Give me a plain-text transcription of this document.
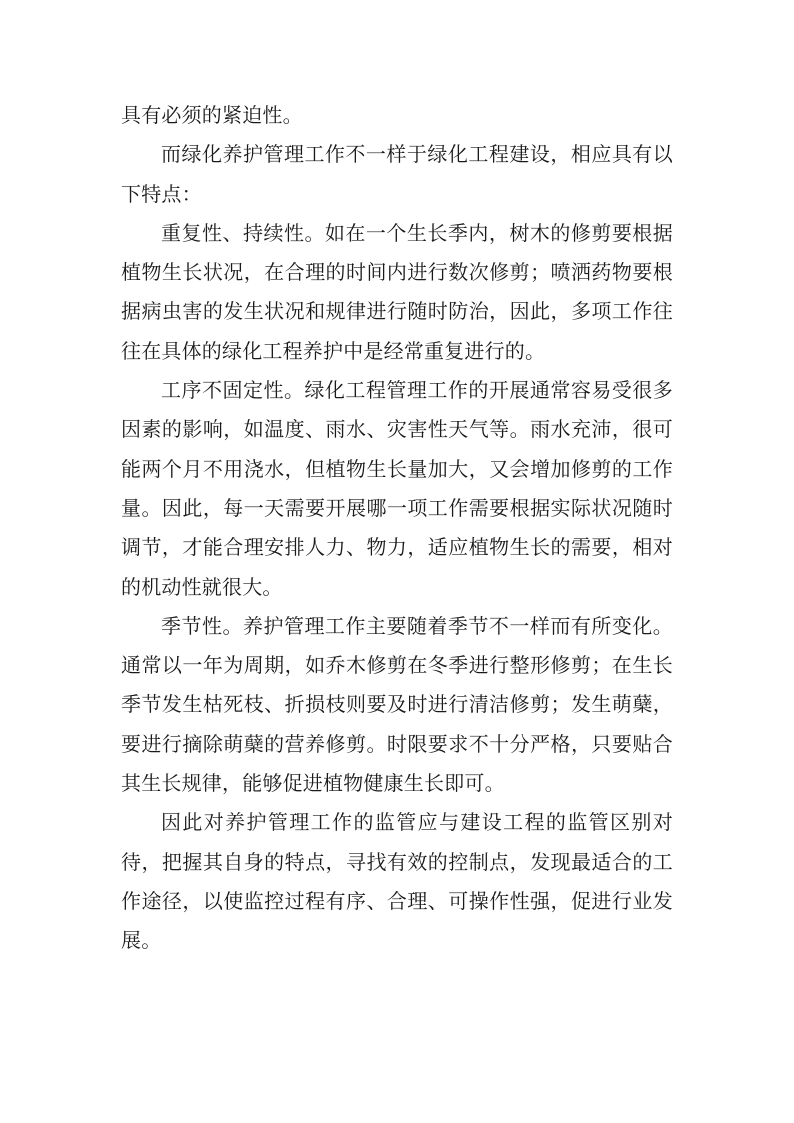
具有必须的紧迫性。

而绿化养护管理工作不一样于绿化工程建设，相应具有以下特点：

重复性、持续性。如在一个生长季内，树木的修剪要根据植物生长状况，在合理的时间内进行数次修剪；喷洒药物要根据病虫害的发生状况和规律进行随时防治，因此，多项工作往往在具体的绿化工程养护中是经常重复进行的。

工序不固定性。绿化工程管理工作的开展通常容易受很多因素的影响，如温度、雨水、灾害性天气等。雨水充沛，很可能两个月不用浇水，但植物生长量加大，又会增加修剪的工作量。因此，每一天需要开展哪一项工作需要根据实际状况随时调节，才能合理安排人力、物力，适应植物生长的需要，相对的机动性就很大。

季节性。养护管理工作主要随着季节不一样而有所变化。通常以一年为周期，如乔木修剪在冬季进行整形修剪；在生长季节发生枯死枝、折损枝则要及时进行清洁修剪；发生萌蘖，要进行摘除萌蘖的营养修剪。时限要求不十分严格，只要贴合其生长规律，能够促进植物健康生长即可。

因此对养护管理工作的监管应与建设工程的监管区别对待，把握其自身的特点，寻找有效的控制点，发现最适合的工作途径，以使监控过程有序、合理、可操作性强，促进行业发展。
